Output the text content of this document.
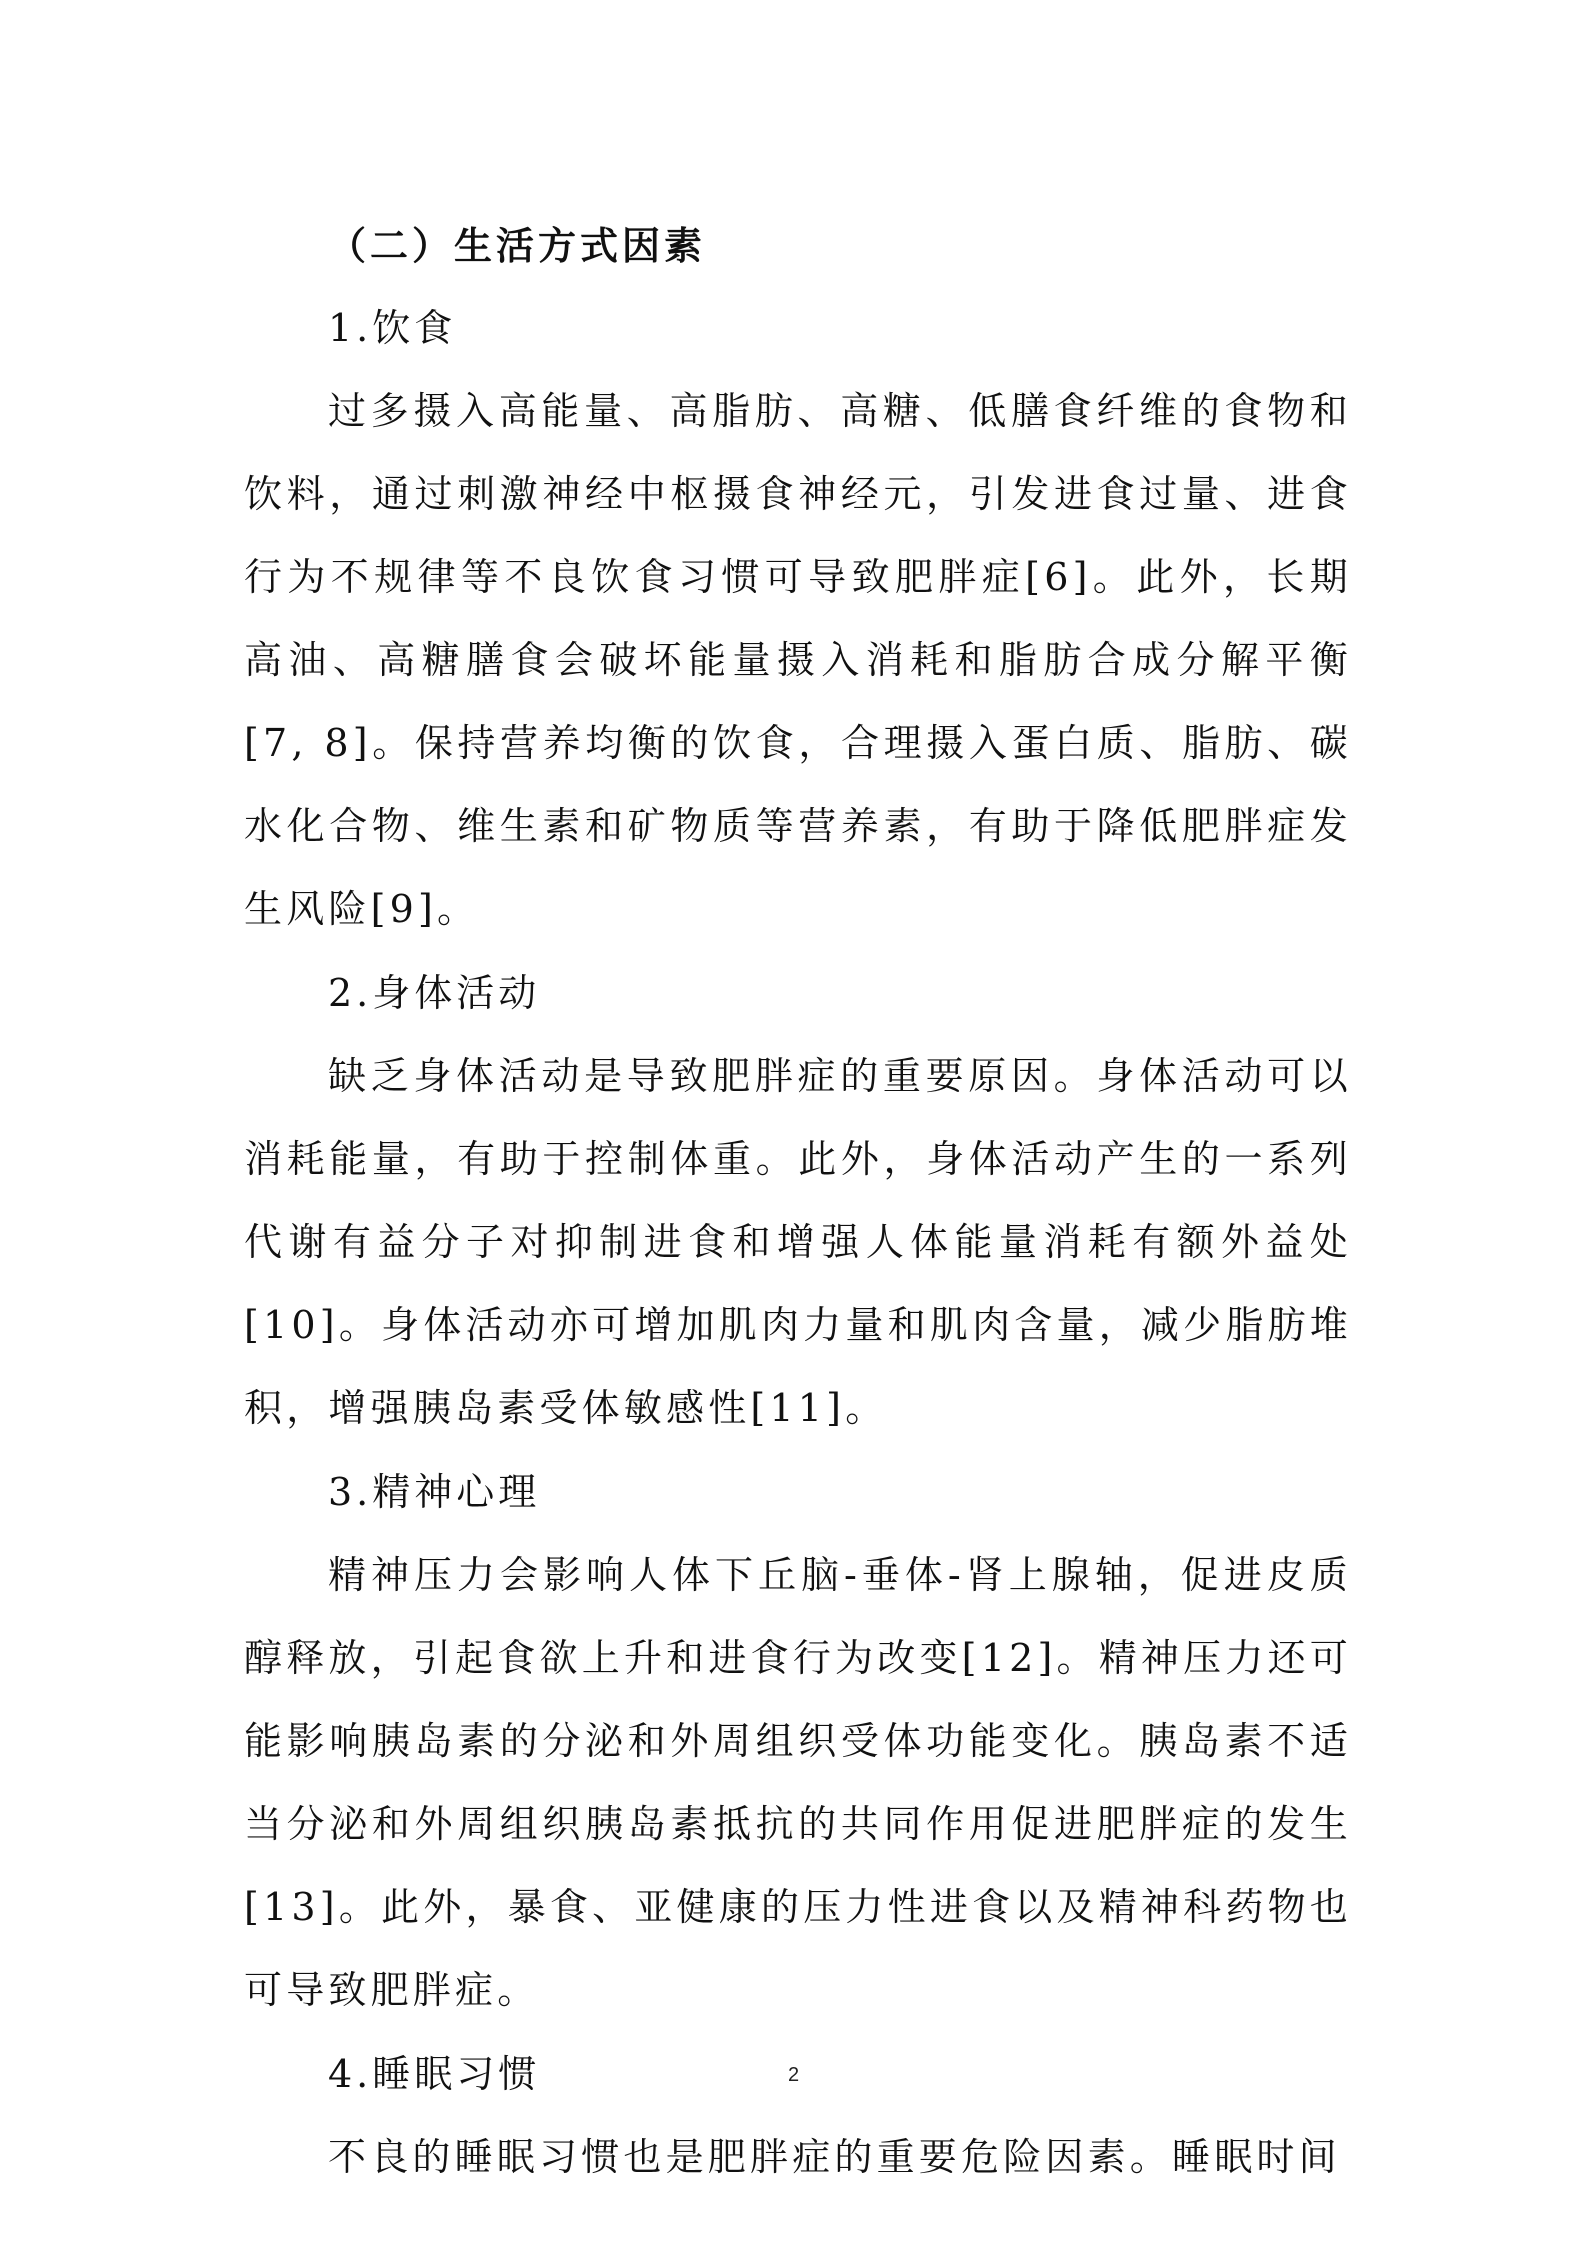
（二）生活方式因素
1.饮食

过多摄入高能量、高脂肪、高糖、低膳食纤维的食物和饮料，通过刺激神经中枢摄食神经元，引发进食过量、进食行为不规律等不良饮食习惯可导致肥胖症[6]。此外，长期高油、高糖膳食会破坏能量摄入消耗和脂肪合成分解平衡[7, 8]。保持营养均衡的饮食，合理摄入蛋白质、脂肪、碳水化合物、维生素和矿物质等营养素，有助于降低肥胖症发生风险[9]。

2.身体活动

缺乏身体活动是导致肥胖症的重要原因。身体活动可以消耗能量，有助于控制体重。此外，身体活动产生的一系列代谢有益分子对抑制进食和增强人体能量消耗有额外益处[10]。身体活动亦可增加肌肉力量和肌肉含量，减少脂肪堆积，增强胰岛素受体敏感性[11]。

3.精神心理

精神压力会影响人体下丘脑-垂体-肾上腺轴，促进皮质醇释放，引起食欲上升和进食行为改变[12]。精神压力还可能影响胰岛素的分泌和外周组织受体功能变化。胰岛素不适当分泌和外周组织胰岛素抵抗的共同作用促进肥胖症的发生[13]。此外，暴食、亚健康的压力性进食以及精神科药物也可导致肥胖症。

4.睡眠习惯

不良的睡眠习惯也是肥胖症的重要危险因素。睡眠时间

2
